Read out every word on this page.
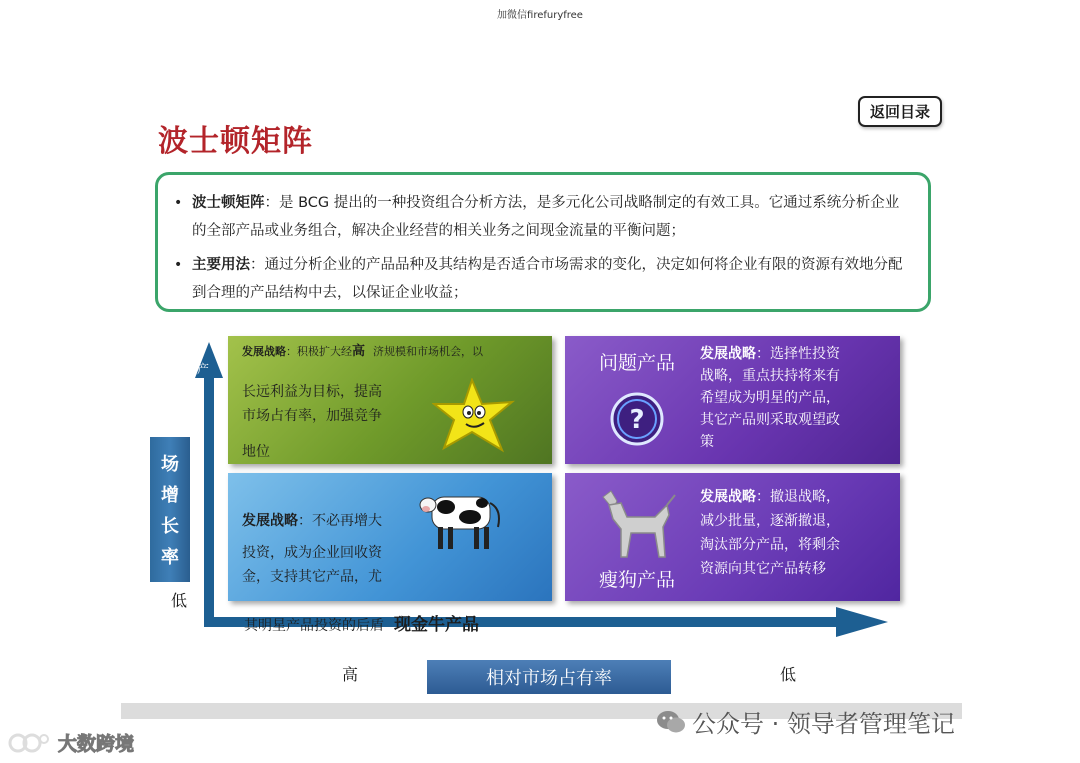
加微信firefuryfree
返回目录
波士顿矩阵
• 波士顿矩阵：是 BCG 提出的一种投资组合分析方法，是多元化公司战略制定的有效工具。它通过系统分析企业的全部产品或业务组合，解决企业经营的相关业务之间现金流量的平衡问题；
• 主要用法：通过分析企业的产品品种及其结构是否适合市场需求的变化，决定如何将企业有限的资源有效地分配到合理的产品结构中去，以保证企业收益；
产
场
增
长
率
低
高	低
相对市场占有率
发展战略：积极扩大经高 济规模和市场机会，以
长远利益为目标，提高
市场占有率，加强竞争
地位
问题产品
?
发展战略：选择性投资
战略，重点扶持将来有
希望成为明星的产品，
其它产品则采取观望政
策
发展战略：不必再增大
投资，成为企业回收资
金，支持其它产品，尤
其明星产品投资的后盾 现金牛产品
瘦狗产品
发展战略：撤退战略，
减少批量，逐渐撤退，
淘汰部分产品，将剩余
资源向其它产品转移
公众号 · 领导者管理笔记
大数跨境
